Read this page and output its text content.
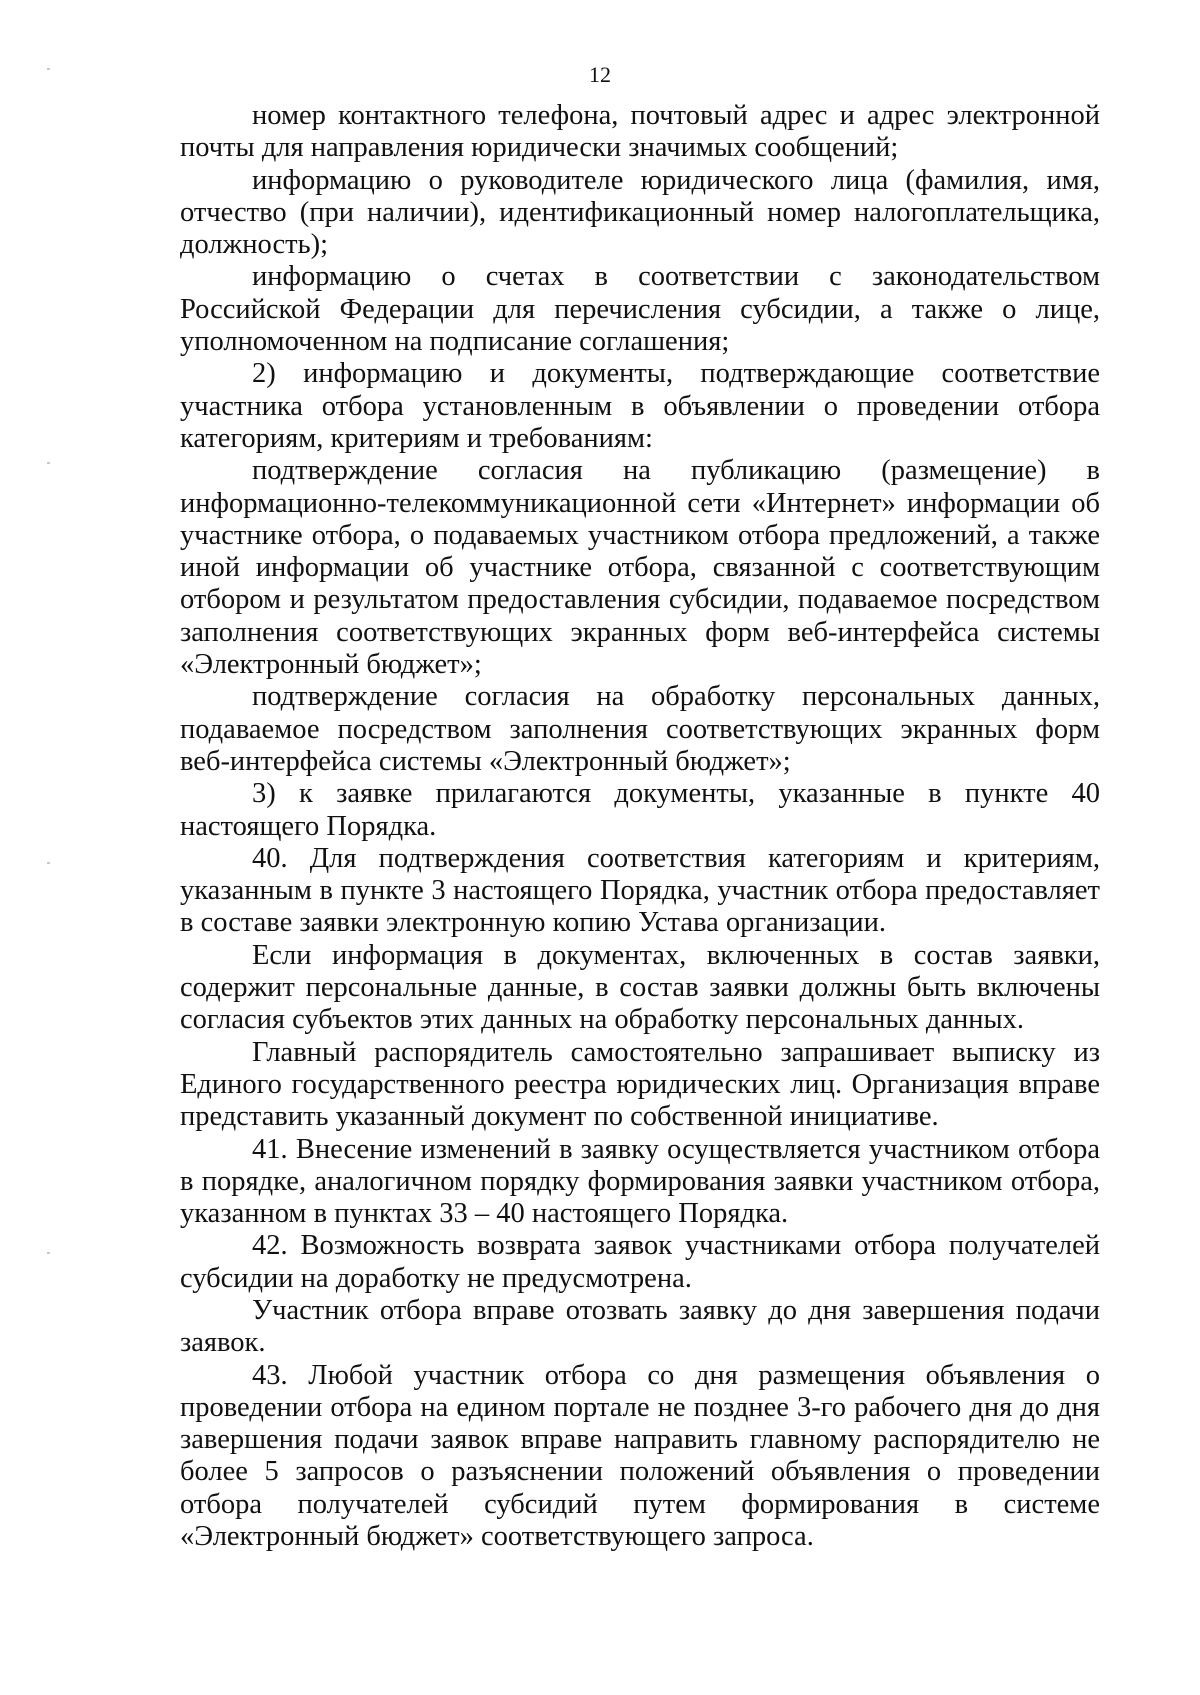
12

номер контактного телефона, почтовый адрес и адрес электронной почты для направления юридически значимых сообщений;

информацию о руководителе юридического лица (фамилия, имя, отчество (при наличии), идентификационный номер налогоплательщика, должность);

информацию о счетах в соответствии с законодательством Российской Федерации для перечисления субсидии, а также о лице, уполномоченном на подписание соглашения;

2) информацию и документы, подтверждающие соответствие участника отбора установленным в объявлении о проведении отбора категориям, критериям и требованиям:

подтверждение согласия на публикацию (размещение) в информационно-телекоммуникационной сети «Интернет» информации об участнике отбора, о подаваемых участником отбора предложений, а также иной информации об участнике отбора, связанной с соответствующим отбором и результатом предоставления субсидии, подаваемое посредством заполнения соответствующих экранных форм веб-интерфейса системы «Электронный бюджет»;

подтверждение согласия на обработку персональных данных, подаваемое посредством заполнения соответствующих экранных форм веб-интерфейса системы «Электронный бюджет»;

3) к заявке прилагаются документы, указанные в пункте 40 настоящего Порядка.

40. Для подтверждения соответствия категориям и критериям, указанным в пункте 3 настоящего Порядка, участник отбора предоставляет в составе заявки электронную копию Устава организации.

Если информация в документах, включенных в состав заявки, содержит персональные данные, в состав заявки должны быть включены согласия субъектов этих данных на обработку персональных данных.

Главный распорядитель самостоятельно запрашивает выписку из Единого государственного реестра юридических лиц. Организация вправе представить указанный документ по собственной инициативе.

41. Внесение изменений в заявку осуществляется участником отбора в порядке, аналогичном порядку формирования заявки участником отбора, указанном в пунктах 33 – 40 настоящего Порядка.

42. Возможность возврата заявок участниками отбора получателей субсидии на доработку не предусмотрена.

Участник отбора вправе отозвать заявку до дня завершения подачи заявок.

43. Любой участник отбора со дня размещения объявления о проведении отбора на едином портале не позднее 3-го рабочего дня до дня завершения подачи заявок вправе направить главному распорядителю не более 5 запросов о разъяснении положений объявления о проведении отбора получателей субсидий путем формирования в системе «Электронный бюджет» соответствующего запроса.
